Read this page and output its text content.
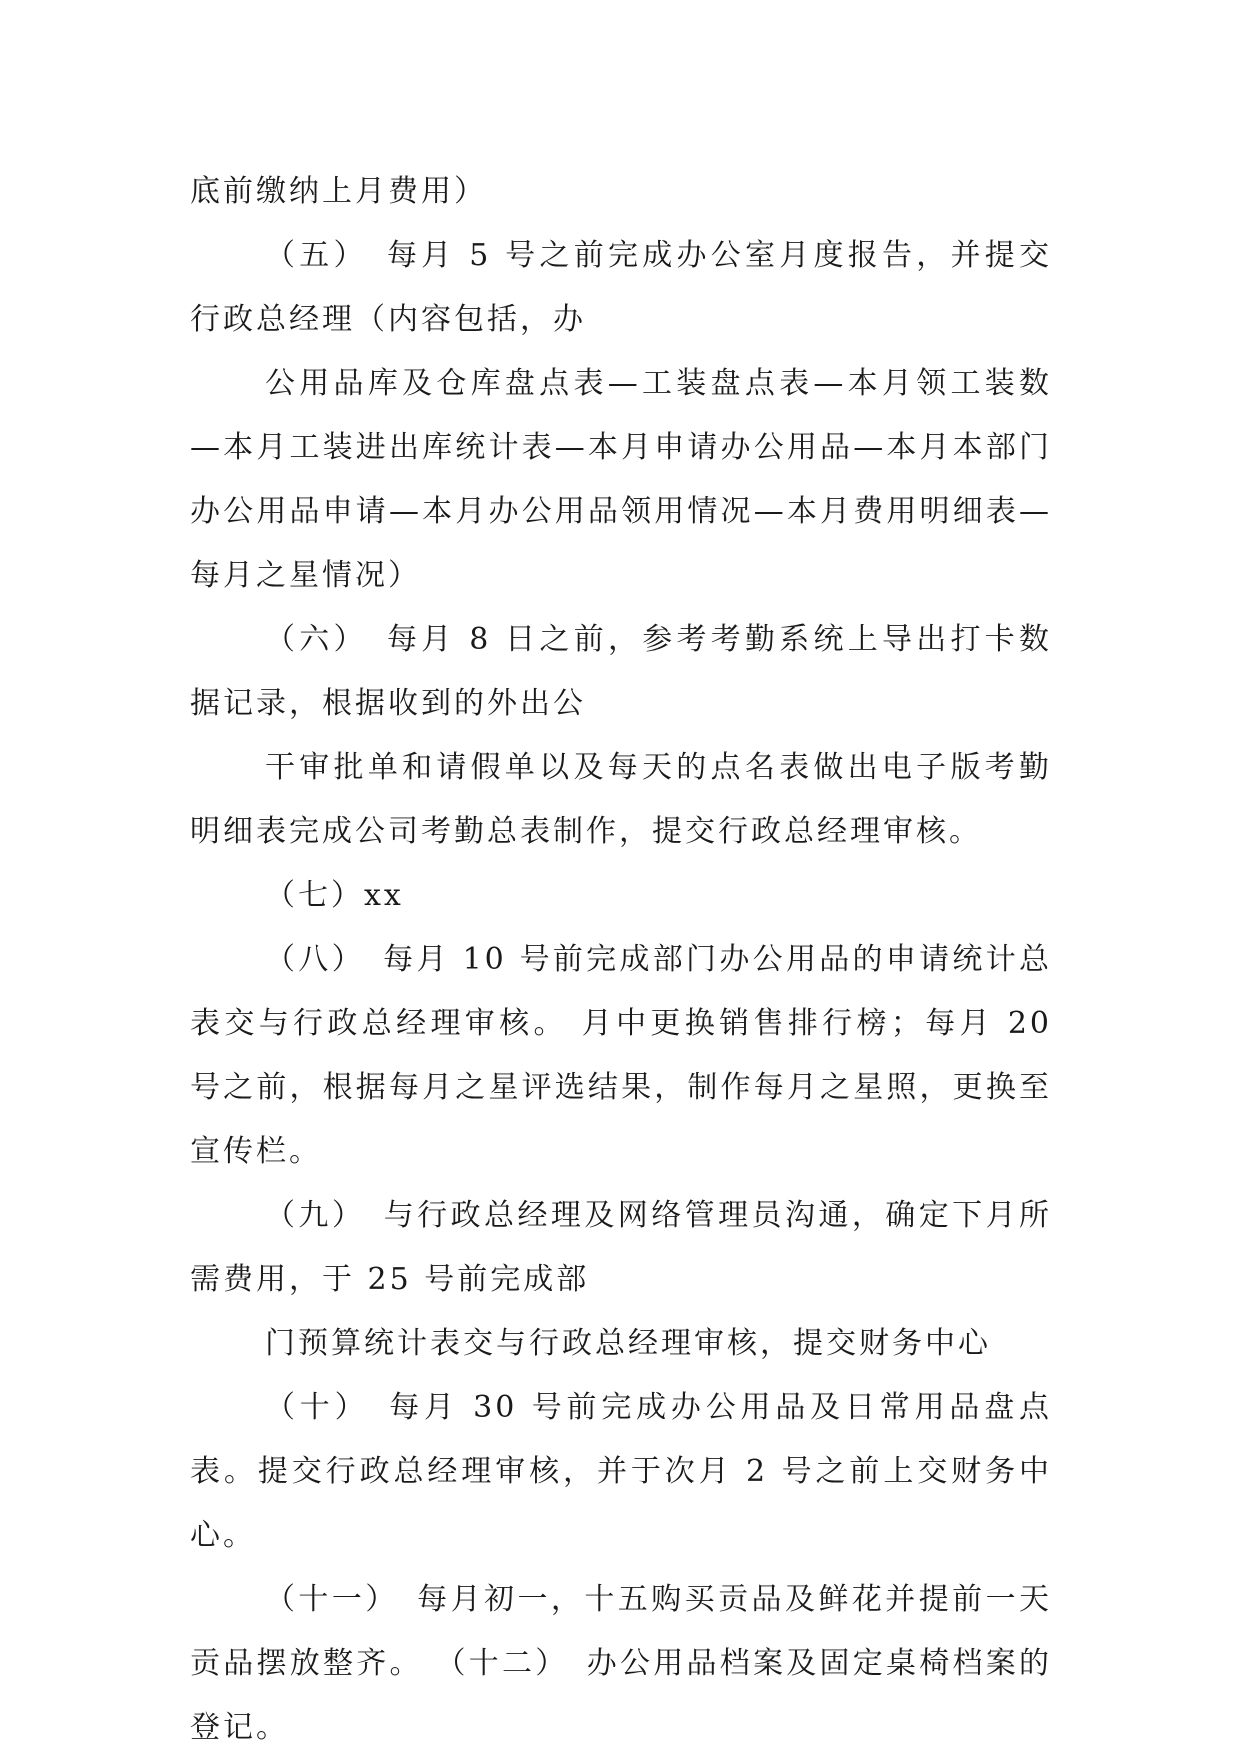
底前缴纳上月费用）

（五）　每月 5 号之前完成办公室月度报告，并提交行政总经理（内容包括，办

公用品库及仓库盘点表—工装盘点表—本月领工装数—本月工装进出库统计表—本月申请办公用品—本月本部门办公用品申请—本月办公用品领用情况—本月费用明细表—每月之星情况）

（六）　每月 8 日之前，参考考勤系统上导出打卡数据记录，根据收到的外出公

干审批单和请假单以及每天的点名表做出电子版考勤明细表完成公司考勤总表制作，提交行政总经理审核。

（七）xx

（八）　每月 10 号前完成部门办公用品的申请统计总表交与行政总经理审核。 月中更换销售排行榜；每月 20 号之前，根据每月之星评选结果，制作每月之星照，更换至宣传栏。

（九）　与行政总经理及网络管理员沟通，确定下月所需费用，于 25 号前完成部

门预算统计表交与行政总经理审核，提交财务中心

（十）　每月 30 号前完成办公用品及日常用品盘点表。提交行政总经理审核，并于次月 2 号之前上交财务中心。

（十一）　每月初一，十五购买贡品及鲜花并提前一天贡品摆放整齐。 （十二）　办公用品档案及固定桌椅档案的登记。
